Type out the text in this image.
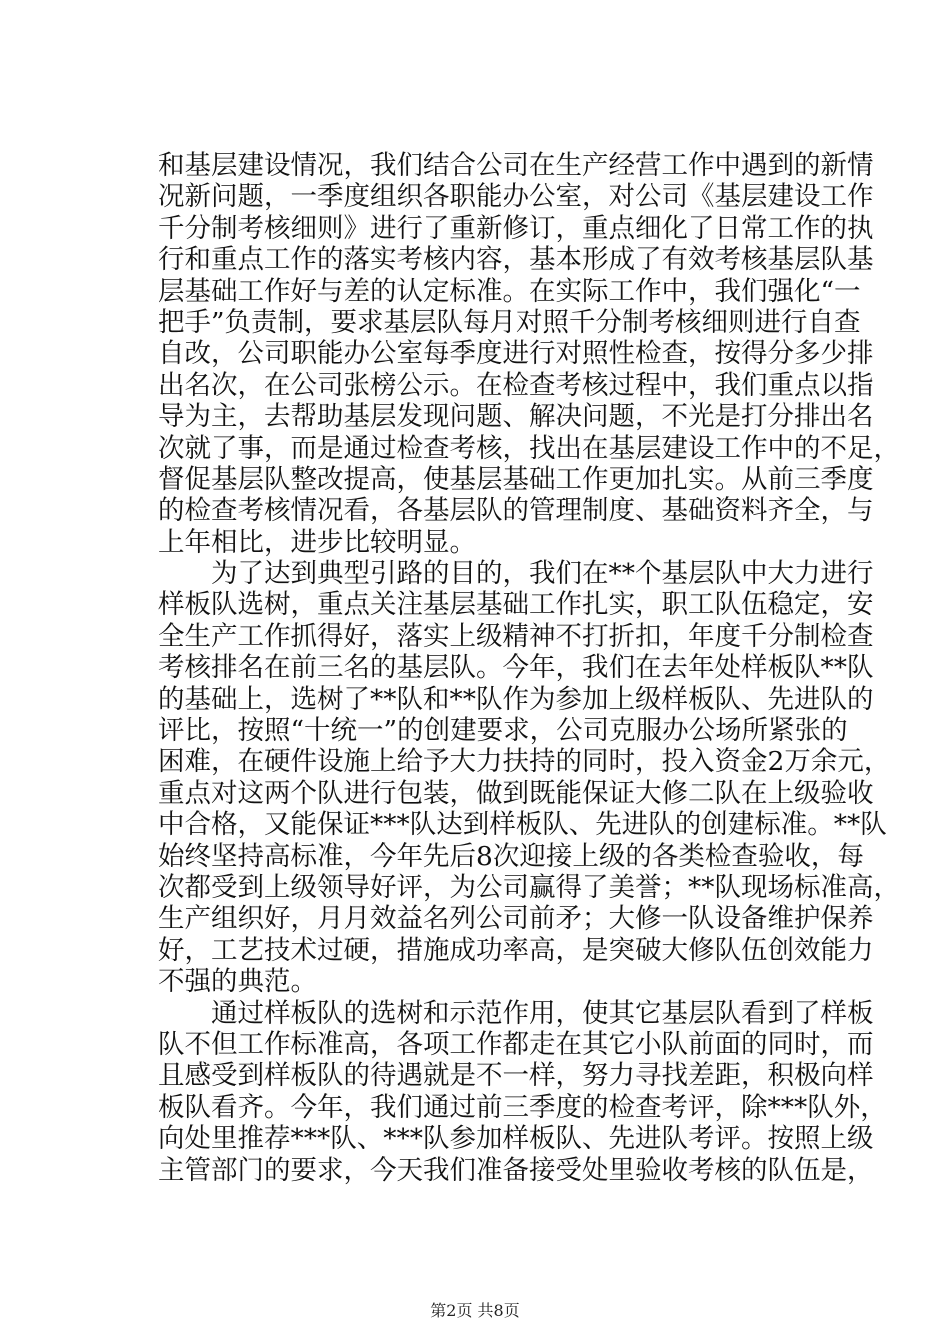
和基层建设情况，我们结合公司在生产经营工作中遇到的新情
况新问题，一季度组织各职能办公室，对公司《基层建设工作
千分制考核细则》进行了重新修订，重点细化了日常工作的执
行和重点工作的落实考核内容，基本形成了有效考核基层队基
层基础工作好与差的认定标准。在实际工作中，我们强化“一
把手”负责制，要求基层队每月对照千分制考核细则进行自查
自改，公司职能办公室每季度进行对照性检查，按得分多少排
出名次，在公司张榜公示。在检查考核过程中，我们重点以指
导为主，去帮助基层发现问题、解决问题，不光是打分排出名
次就了事，而是通过检查考核，找出在基层建设工作中的不足，
督促基层队整改提高，使基层基础工作更加扎实。从前三季度
的检查考核情况看，各基层队的管理制度、基础资料齐全，与
上年相比，进步比较明显。
为了达到典型引路的目的，我们在**个基层队中大力进行
样板队选树，重点关注基层基础工作扎实，职工队伍稳定，安
全生产工作抓得好，落实上级精神不打折扣，年度千分制检查
考核排名在前三名的基层队。今年，我们在去年处样板队**队
的基础上，选树了**队和**队作为参加上级样板队、先进队的
评比，按照“十统一”的创建要求，公司克服办公场所紧张的
困难，在硬件设施上给予大力扶持的同时，投入资金2万余元，
重点对这两个队进行包装，做到既能保证大修二队在上级验收
中合格，又能保证***队达到样板队、先进队的创建标准。**队
始终坚持高标准，今年先后8次迎接上级的各类检查验收，每
次都受到上级领导好评，为公司赢得了美誉；**队现场标准高，
生产组织好，月月效益名列公司前矛；大修一队设备维护保养
好，工艺技术过硬，措施成功率高，是突破大修队伍创效能力
不强的典范。
通过样板队的选树和示范作用，使其它基层队看到了样板
队不但工作标准高，各项工作都走在其它小队前面的同时，而
且感受到样板队的待遇就是不一样，努力寻找差距，积极向样
板队看齐。今年，我们通过前三季度的检查考评，除***队外，
向处里推荐***队、***队参加样板队、先进队考评。按照上级
主管部门的要求，今天我们准备接受处里验收考核的队伍是，
第2页 共8页
